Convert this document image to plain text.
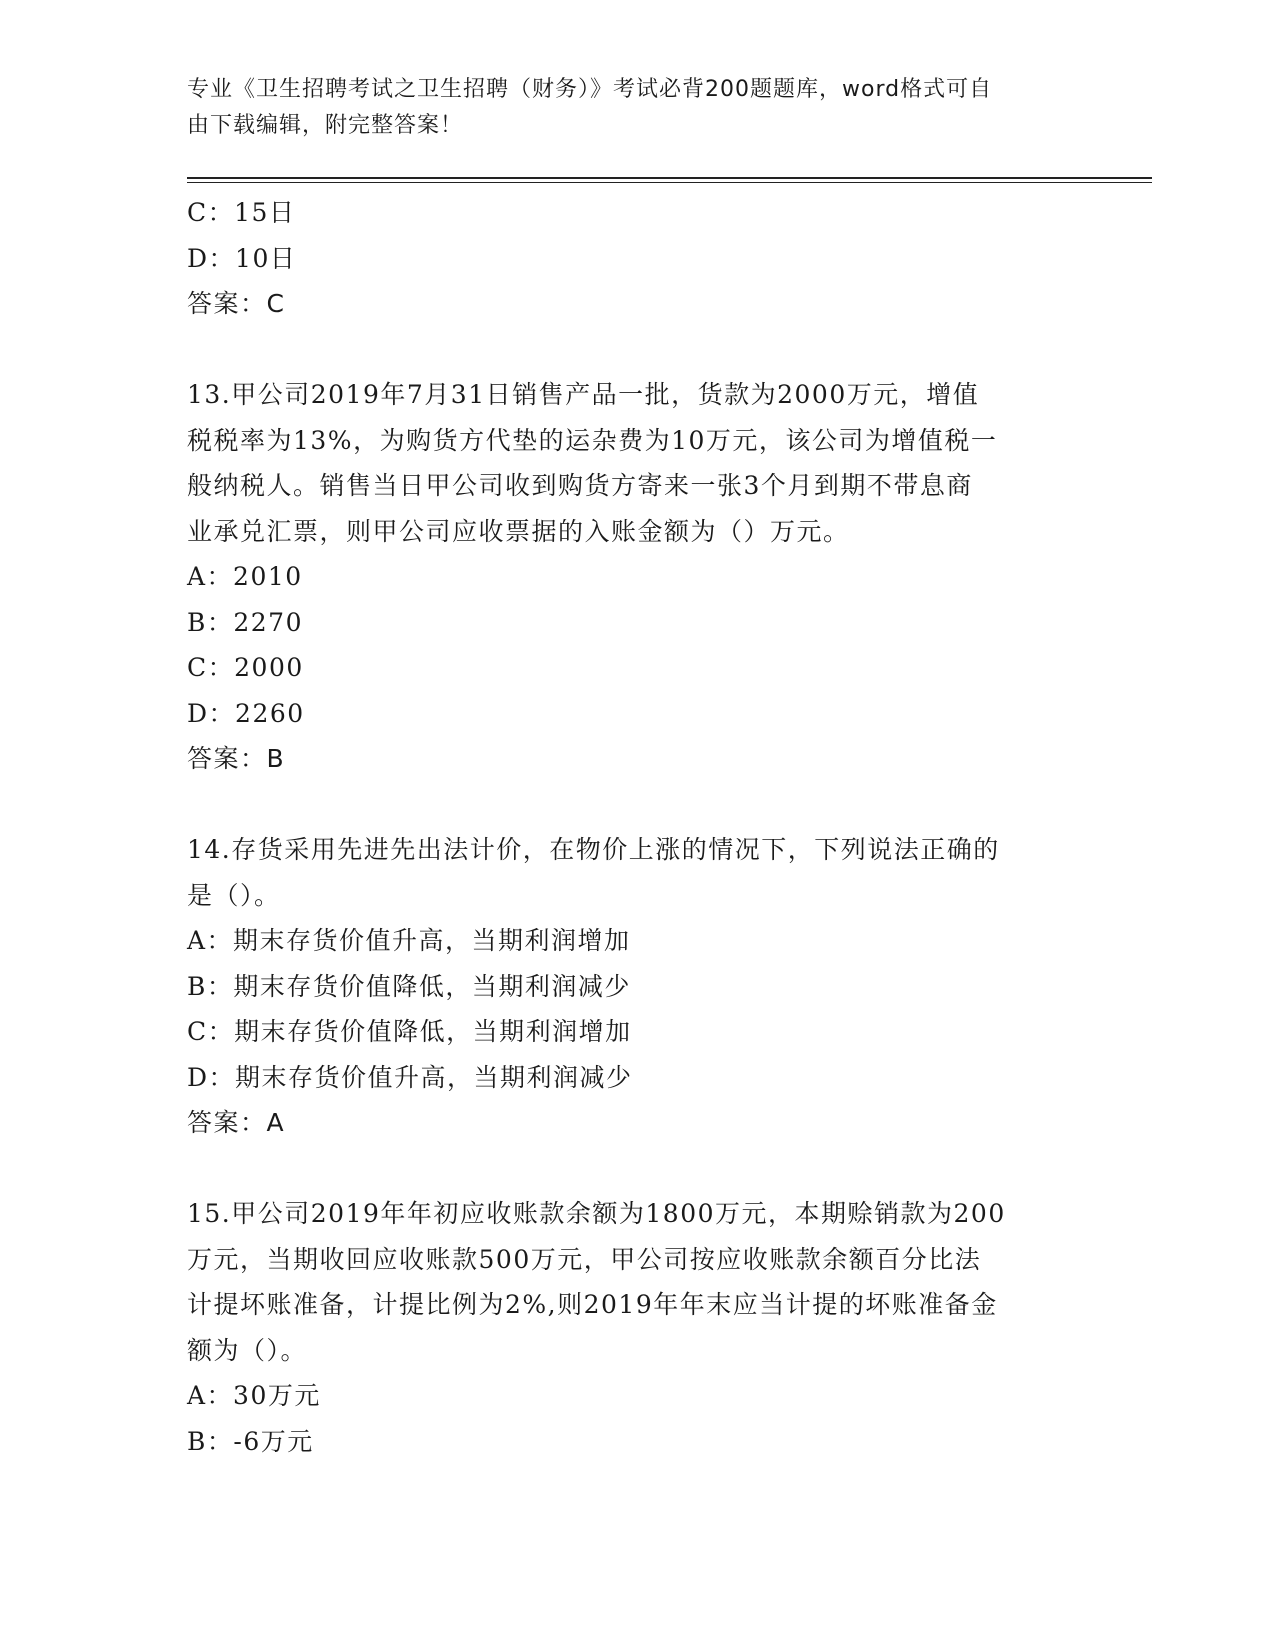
专业《卫生招聘考试之卫生招聘（财务）》考试必背200题题库，word格式可自
由下载编辑，附完整答案！
C：15日
D：10日
答案：C
13.甲公司2019年7月31日销售产品一批，货款为2000万元，增值
税税率为13%，为购货方代垫的运杂费为10万元，该公司为增值税一
般纳税人。销售当日甲公司收到购货方寄来一张3个月到期不带息商
业承兑汇票，则甲公司应收票据的入账金额为（）万元。
A：2010
B：2270
C：2000
D：2260
答案：B
14.存货采用先进先出法计价，在物价上涨的情况下，下列说法正确的
是（）。
A：期末存货价值升高，当期利润增加
B：期末存货价值降低，当期利润减少
C：期末存货价值降低，当期利润增加
D：期末存货价值升高，当期利润减少
答案：A
15.甲公司2019年年初应收账款余额为1800万元，本期赊销款为200
万元，当期收回应收账款500万元，甲公司按应收账款余额百分比法
计提坏账准备，计提比例为2%,则2019年年末应当计提的坏账准备金
额为（）。
A：30万元
B：-6万元
